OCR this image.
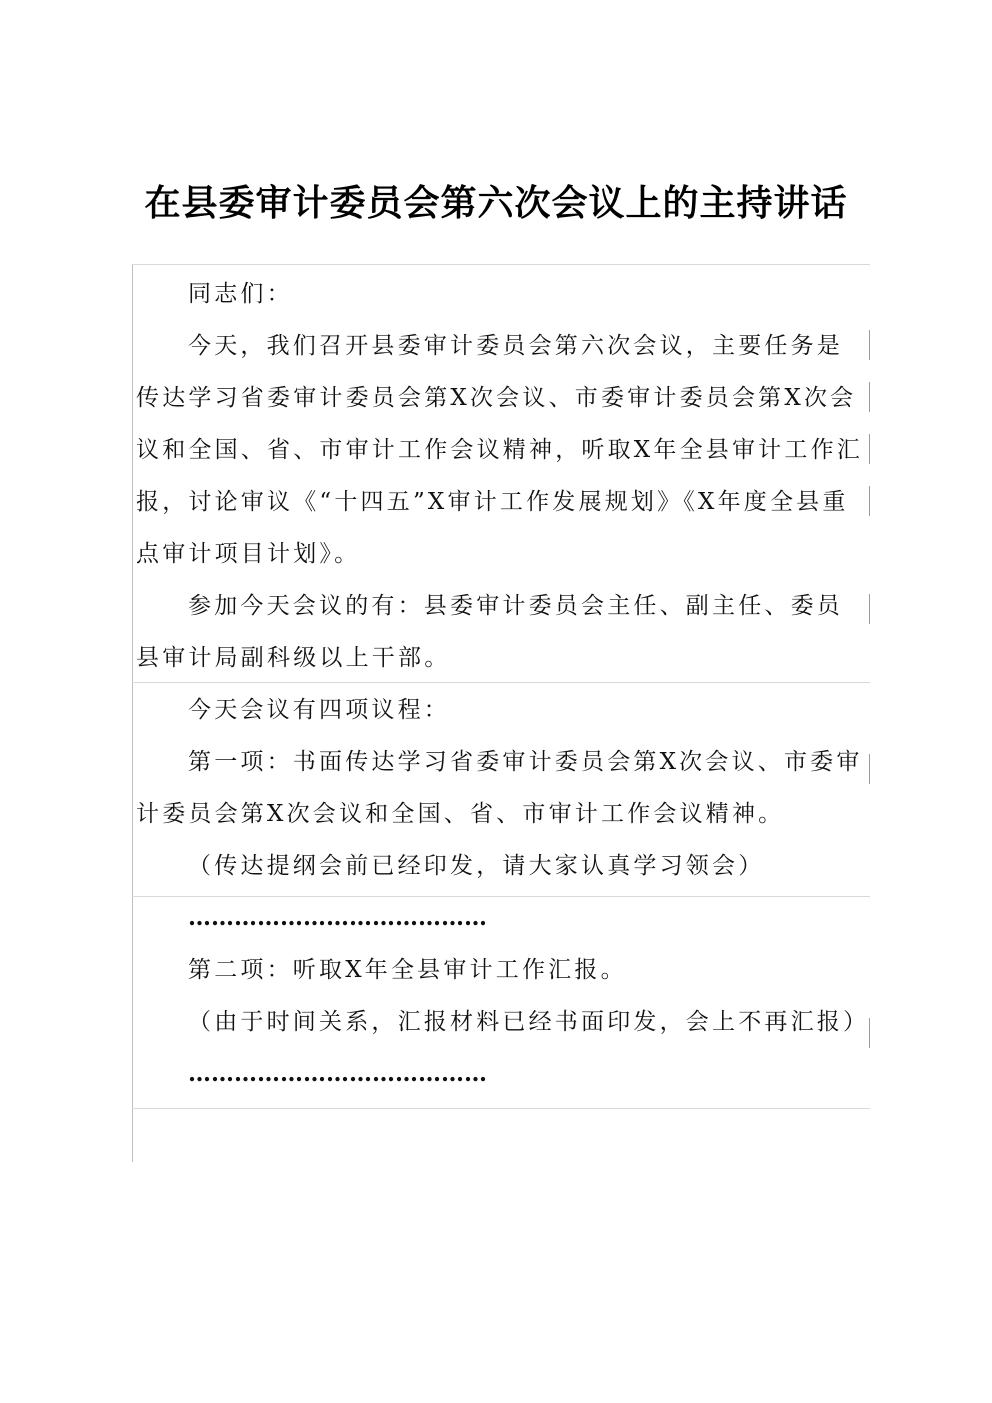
在县委审计委员会第六次会议上的主持讲话

同志们：

今天，我们召开县委审计委员会第六次会议，主要任务是传达学习省委审计委员会第X次会议、市委审计委员会第X次会议和全国、省、市审计工作会议精神，听取X年全县审计工作汇报，讨论审议《“十四五”X审计工作发展规划》《X年度全县重点审计项目计划》。

参加今天会议的有：县委审计委员会主任、副主任、委员县审计局副科级以上干部。

今天会议有四项议程：

第一项：书面传达学习省委审计委员会第X次会议、市委审计委员会第X次会议和全国、省、市审计工作会议精神。

（传达提纲会前已经印发，请大家认真学习领会）

…………………………………

第二项：听取X年全县审计工作汇报。

（由于时间关系，汇报材料已经书面印发，会上不再汇报）

…………………………………
